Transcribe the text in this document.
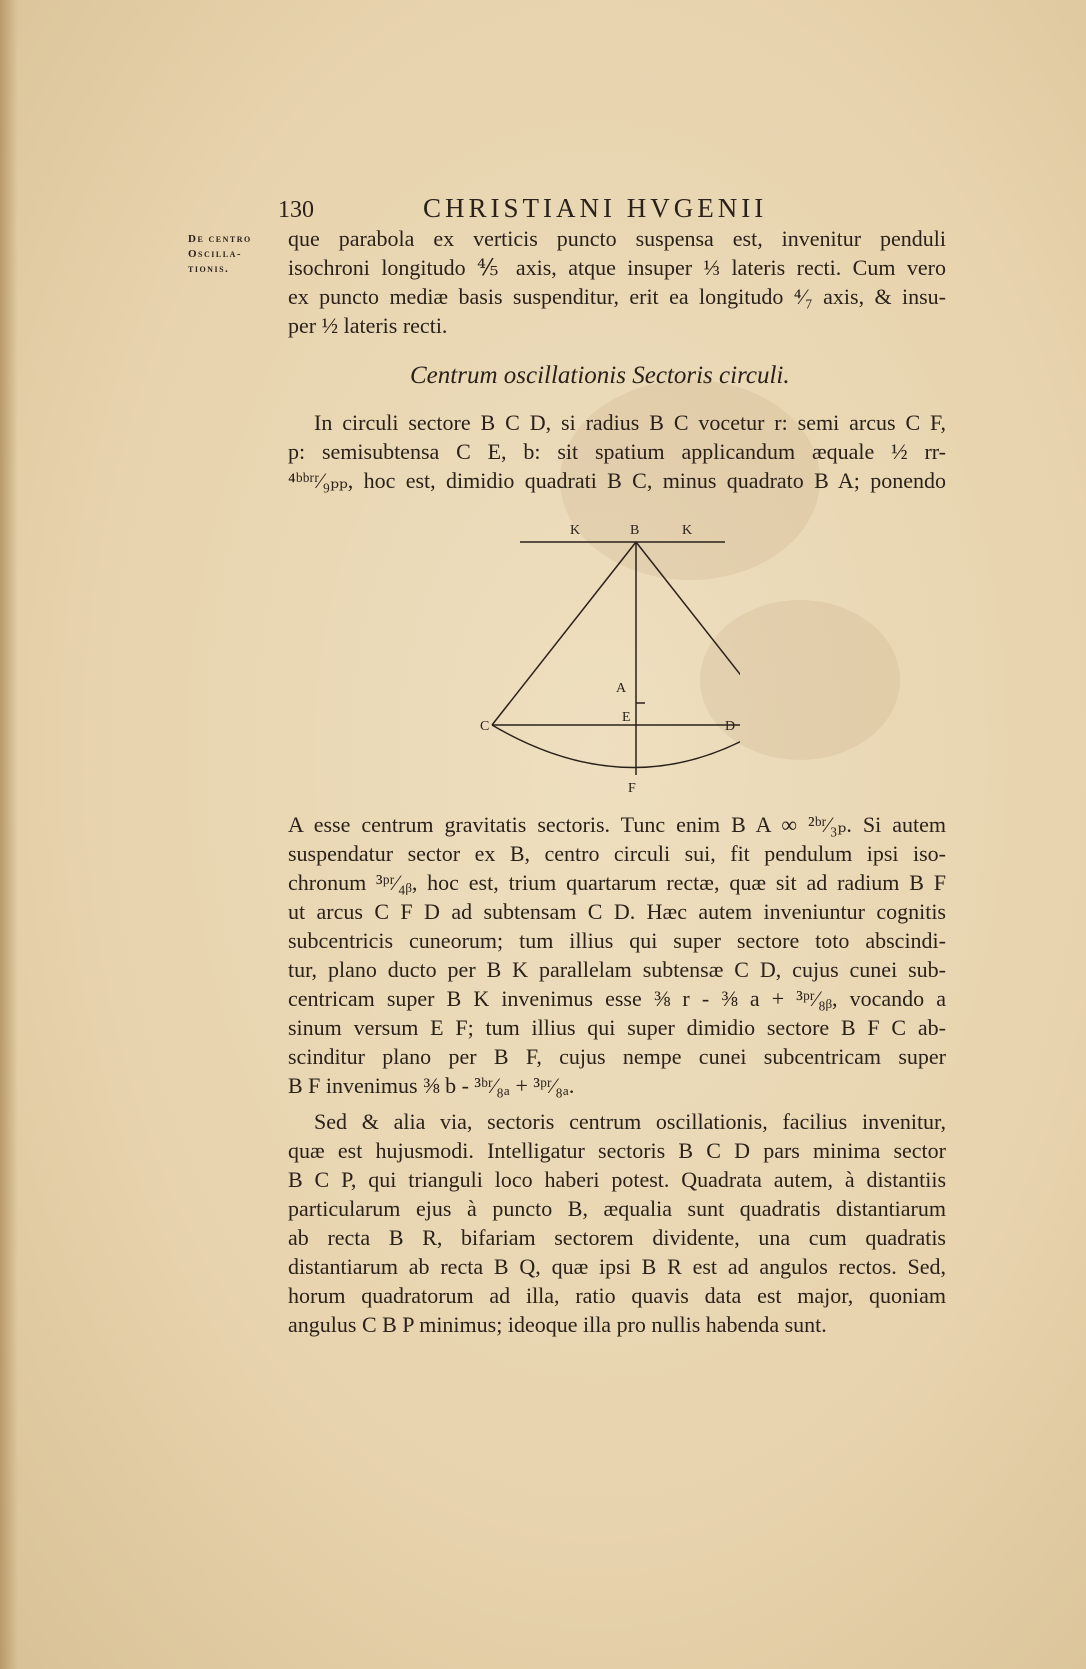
130	CHRISTIANI HVGENII
De centro
Oscilla-
tionis.
que parabola ex verticis puncto suspensa est, invenitur penduli
isochroni longitudo ⅘ axis, atque insuper ⅓ lateris recti. Cum vero
ex puncto mediæ basis suspenditur, erit ea longitudo ⁴⁄₇ axis, & insu-
per ½ lateris recti.
Centrum oscillationis Sectoris circuli.
In circuli sectore B C D, si radius B C vocetur r: semi arcus C F,
p: semisubtensa C E, b: sit spatium applicandum æquale ½ rr-
⁴ᵇᵇʳʳ⁄₉ₚₚ, hoc est, dimidio quadrati B C, minus quadrato B A; ponendo
K	B	K
A
E
C	D
F
A esse centrum gravitatis sectoris. Tunc enim B A ∞ ²ᵇʳ⁄₃ₚ. Si autem
suspendatur sector ex B, centro circuli sui, fit pendulum ipsi iso-
chronum ³ᵖʳ⁄₄ᵦ, hoc est, trium quartarum rectæ, quæ sit ad radium B F
ut arcus C F D ad subtensam C D. Hæc autem inveniuntur cognitis
subcentricis cuneorum; tum illius qui super sectore toto abscindi-
tur, plano ducto per B K parallelam subtensæ C D, cujus cunei sub-
centricam super B K invenimus esse ⅜ r - ⅜ a + ³ᵖʳ⁄₈ᵦ, vocando a
sinum versum E F; tum illius qui super dimidio sectore B F C ab-
scinditur plano per B F, cujus nempe cunei subcentricam super
B F invenimus ⅜ b - ³ᵇʳ⁄₈ₐ + ³ᵖʳ⁄₈ₐ.
Sed & alia via, sectoris centrum oscillationis, facilius invenitur,
quæ est hujusmodi. Intelligatur sectoris B C D pars minima sector
B C P, qui trianguli loco haberi potest. Quadrata autem, à distantiis
particularum ejus à puncto B, æqualia sunt quadratis distantiarum
ab recta B R, bifariam sectorem dividente, una cum quadratis
distantiarum ab recta B Q, quæ ipsi B R est ad angulos rectos. Sed,
horum quadratorum ad illa, ratio quavis data est major, quoniam
angulus C B P minimus; ideoque illa pro nullis habenda sunt.
